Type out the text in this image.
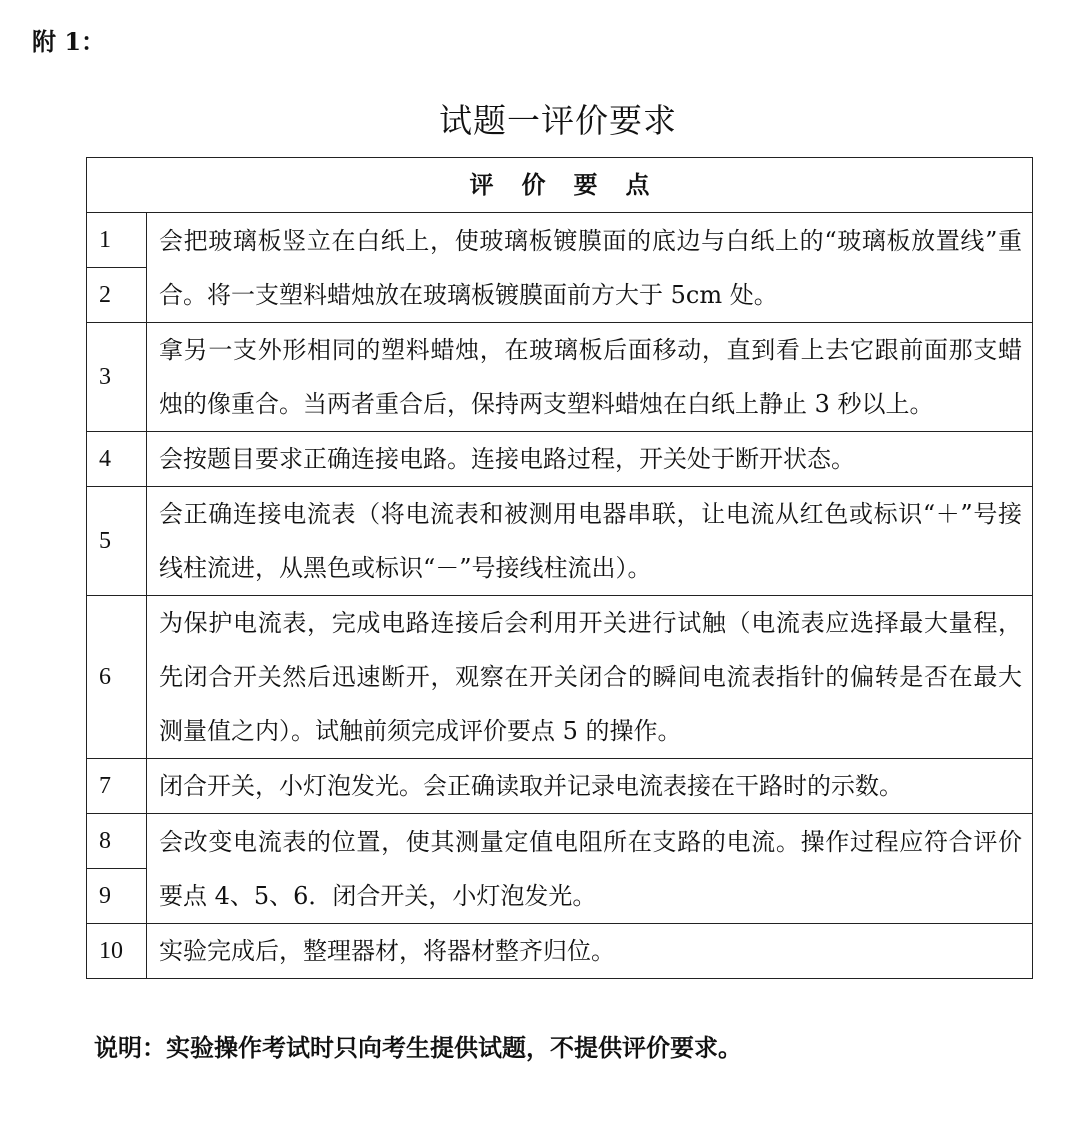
附 1：
试题一评价要求
评价要点	
1	会把玻璃板竖立在白纸上，使玻璃板镀膜面的底边与白纸上的“玻璃板放置线”重合。将一支塑料蜡烛放在玻璃板镀膜面前方大于 5cm 处。
2	
3	拿另一支外形相同的塑料蜡烛，在玻璃板后面移动，直到看上去它跟前面那支蜡烛的像重合。当两者重合后，保持两支塑料蜡烛在白纸上静止 3 秒以上。
4	会按题目要求正确连接电路。连接电路过程，开关处于断开状态。
5	会正确连接电流表（将电流表和被测用电器串联，让电流从红色或标识“＋”号接线柱流进，从黑色或标识“－”号接线柱流出）。
6	为保护电流表，完成电路连接后会利用开关进行试触（电流表应选择最大量程，先闭合开关然后迅速断开，观察在开关闭合的瞬间电流表指针的偏转是否在最大测量值之内）。试触前须完成评价要点 5 的操作。
7	闭合开关，小灯泡发光。会正确读取并记录电流表接在干路时的示数。
8	会改变电流表的位置，使其测量定值电阻所在支路的电流。操作过程应符合评价要点 4、5、6．闭合开关，小灯泡发光。
9	
10	实验完成后，整理器材，将器材整齐归位。
说明：实验操作考试时只向考生提供试题，不提供评价要求。
